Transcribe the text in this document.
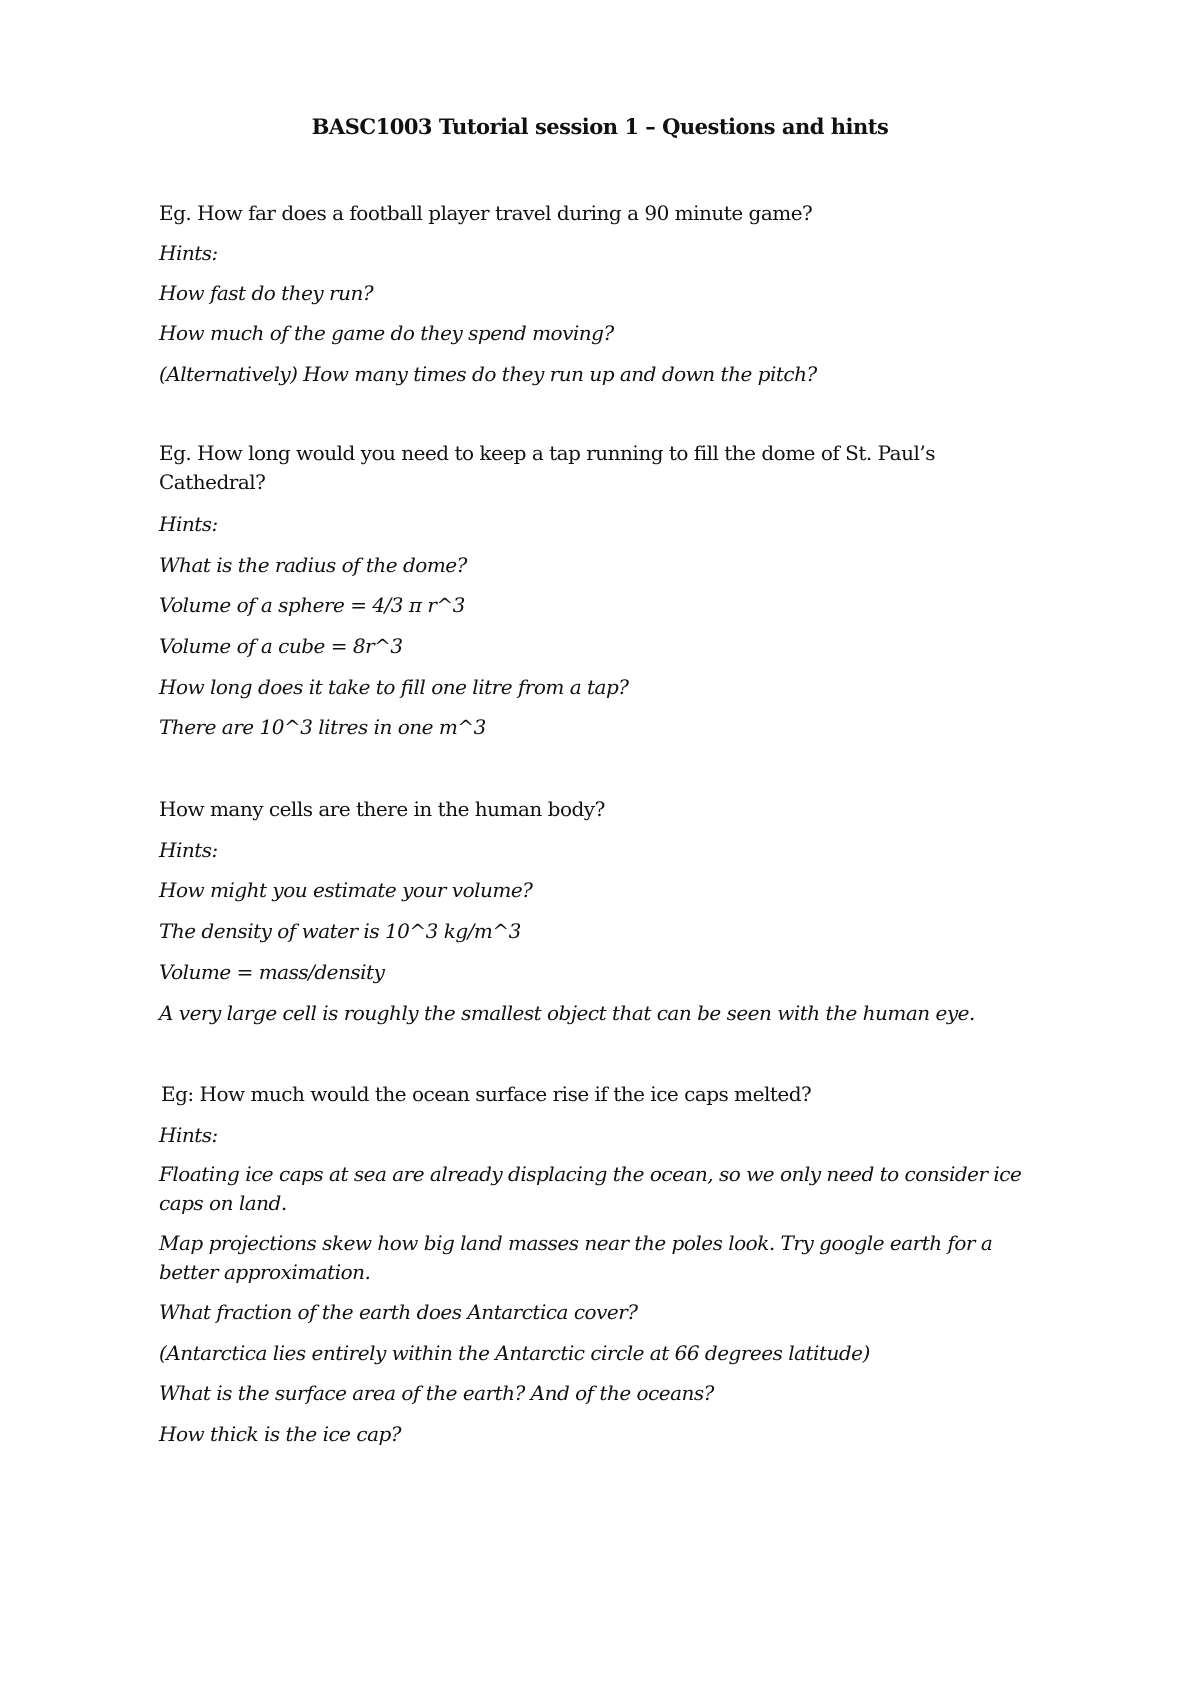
BASC1003 Tutorial session 1 – Questions and hints
Eg. How far does a football player travel during a 90 minute game?
Hints:
How fast do they run?
How much of the game do they spend moving?
(Alternatively) How many times do they run up and down the pitch?
Eg. How long would you need to keep a tap running to fill the dome of St. Paul’s Cathedral?
Hints:
What is the radius of the dome?
Volume of a sphere = 4/3 π r^3
Volume of a cube = 8r^3
How long does it take to fill one litre from a tap?
There are 10^3 litres in one m^3
How many cells are there in the human body?
Hints:
How might you estimate your volume?
The density of water is 10^3 kg/m^3
Volume = mass/density
A very large cell is roughly the smallest object that can be seen with the human eye.
Eg: How much would the ocean surface rise if the ice caps melted?
Hints:
Floating ice caps at sea are already displacing the ocean, so we only need to consider ice caps on land.
Map projections skew how big land masses near the poles look. Try google earth for a better approximation.
What fraction of the earth does Antarctica cover?
(Antarctica lies entirely within the Antarctic circle at 66 degrees latitude)
What is the surface area of the earth? And of the oceans?
How thick is the ice cap?
